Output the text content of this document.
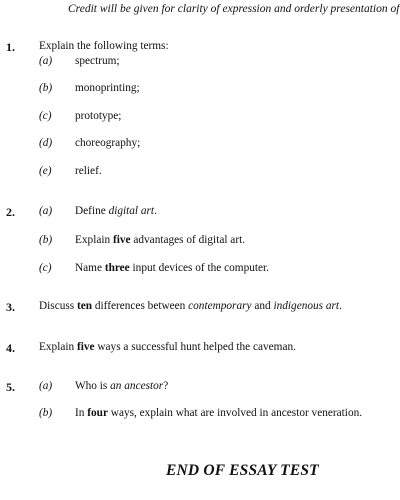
Credit will be given for clarity of expression and orderly presentation of
1. Explain the following terms:
(a) spectrum;
(b) monoprinting;
(c) prototype;
(d) choreography;
(e) relief.
2. (a) Define digital art.
(b) Explain five advantages of digital art.
(c) Name three input devices of the computer.
3. Discuss ten differences between contemporary and indigenous art.
4. Explain five ways a successful hunt helped the caveman.
5. (a) Who is an ancestor?
(b) In four ways, explain what are involved in ancestor veneration.
END OF ESSAY TEST
